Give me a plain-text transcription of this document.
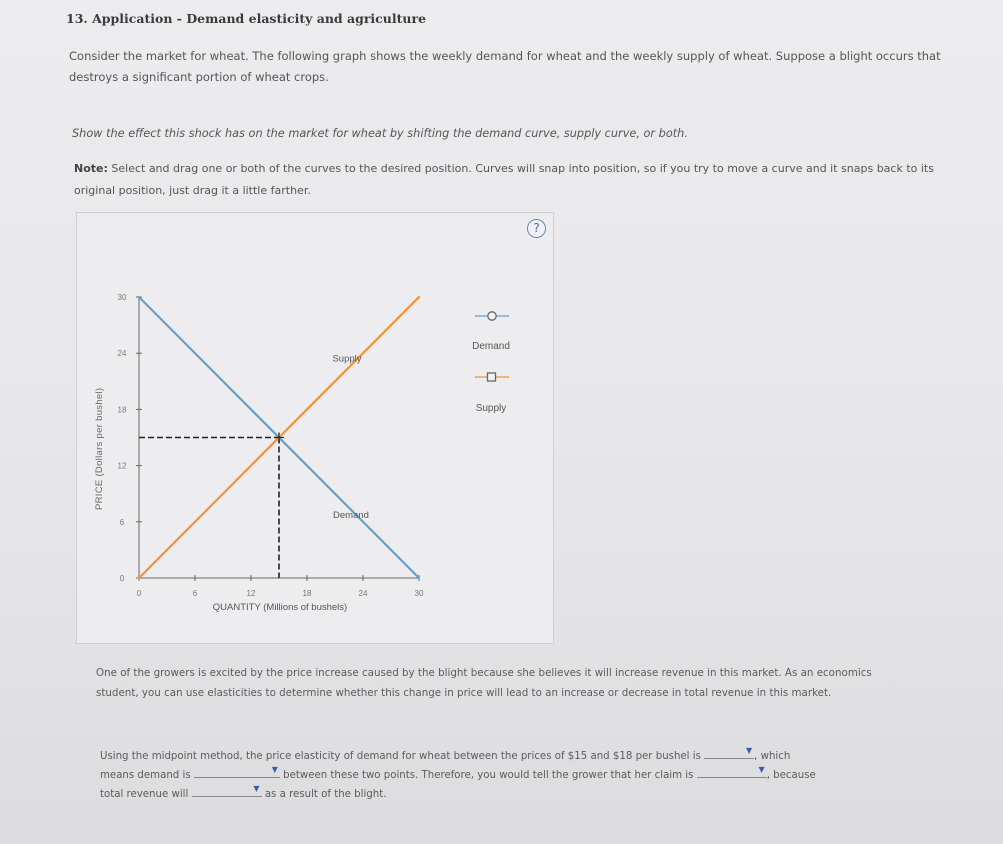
13. Application - Demand elasticity and agriculture
Consider the market for wheat. The following graph shows the weekly demand for wheat and the weekly supply of wheat. Suppose a blight occurs that destroys a significant portion of wheat crops.
Show the effect this shock has on the market for wheat by shifting the demand curve, supply curve, or both.
Note: Select and drag one or both of the curves to the desired position. Curves will snap into position, so if you try to move a curve and it snaps back to its original position, just drag it a little farther.
?
PRICE (Dollars per bushel)
QUANTITY (Millions of bushels)
Demand
Supply
0
6
12
18
24
30
0	6	12	18	24	30
Supply
Demand
One of the growers is excited by the price increase caused by the blight because she believes it will increase revenue in this market. As an economics student, you can use elasticities to determine whether this change in price will lead to an increase or decrease in total revenue in this market.
Using the midpoint method, the price elasticity of demand for wheat between the prices of $15 and $18 per bushel is
▼
, which
means demand is
▼
between these two points. Therefore, you would tell the grower that her claim is
▼
, because
total revenue will
▼
as a result of the blight.
